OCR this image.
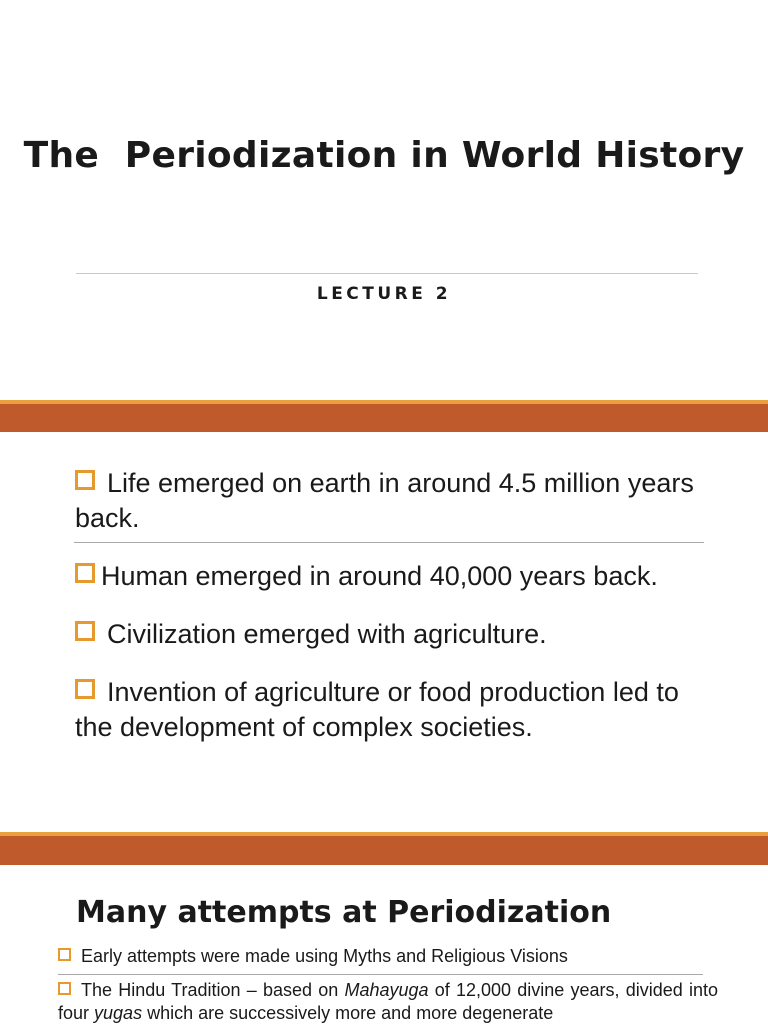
The  Periodization in World History
LECTURE 2
Life emerged on earth in around 4.5 million years back.
Human emerged in around 40,000 years back.
Civilization emerged with agriculture.
Invention of agriculture or food production led to the development of complex societies.
Many attempts at Periodization
Early attempts were made using Myths and Religious Visions
The Hindu Tradition – based on Mahayuga of 12,000 divine years, divided into four yugas which are successively more and more degenerate
